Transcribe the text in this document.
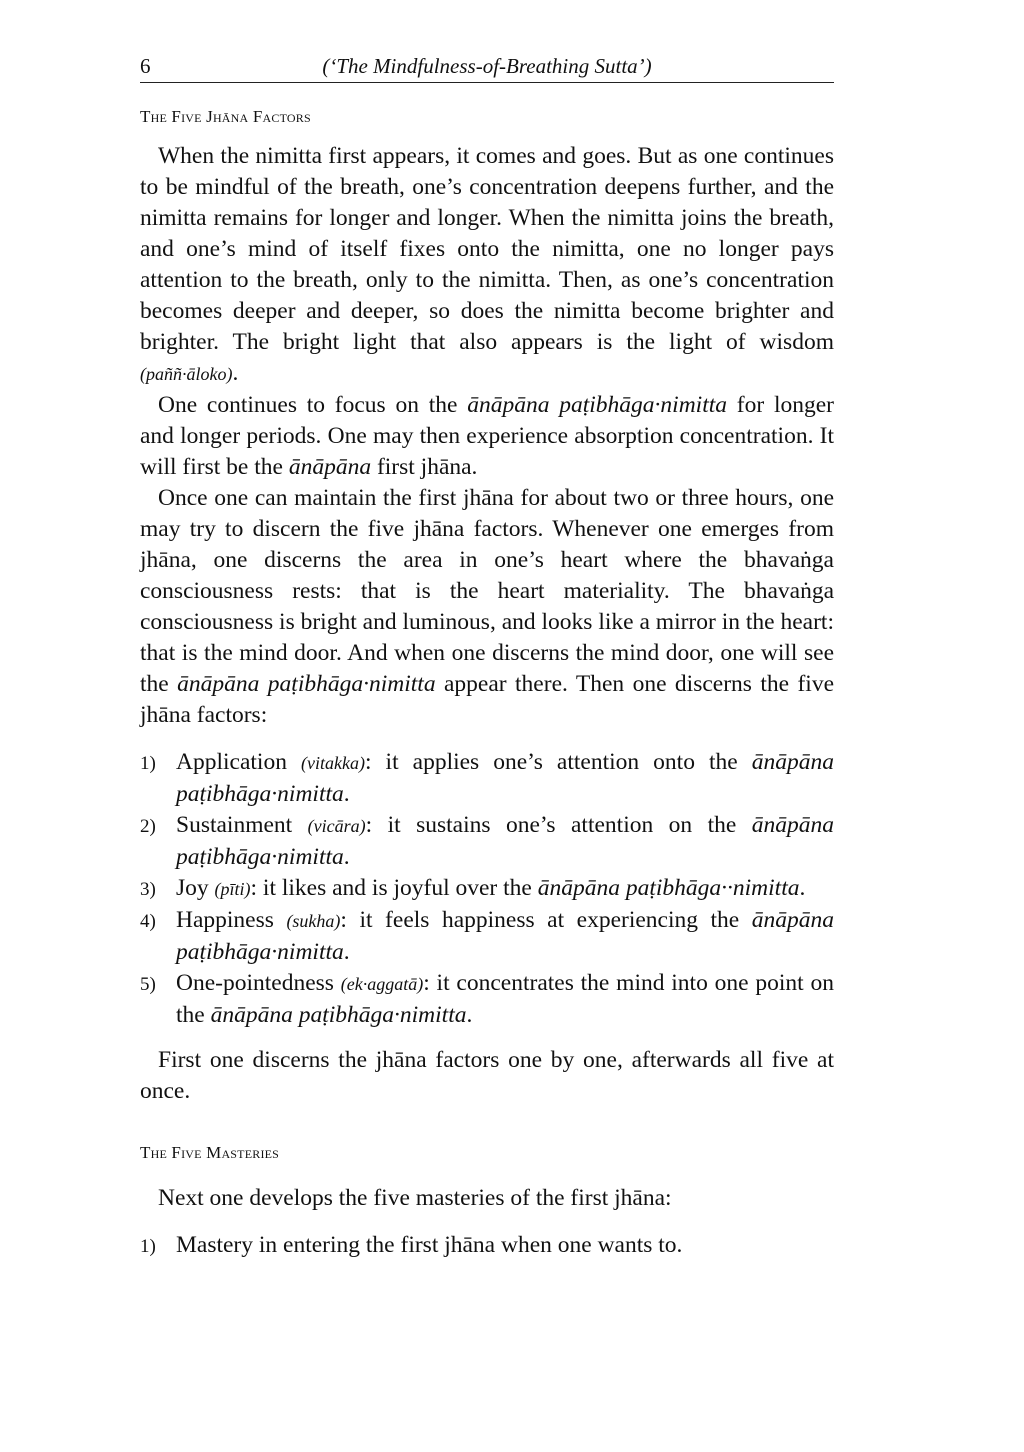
6	(‘The Mindfulness-of-Breathing Sutta’)
The Five Jhāna Factors

When the nimitta first appears, it comes and goes. But as one continues to be mindful of the breath, one’s concentration deepens further, and the nimitta remains for longer and longer. When the nimitta joins the breath, and one’s mind of itself fixes onto the nimitta, one no longer pays attention to the breath, only to the nimitta. Then, as one’s concentration becomes deeper and deeper, so does the nimitta become brighter and brighter. The bright light that also appears is the light of wisdom (paññ·āloko).

One continues to focus on the ānāpāna paṭibhāga·nimitta for longer and longer periods. One may then experience absorption concentration. It will first be the ānāpāna first jhāna.

Once one can maintain the first jhāna for about two or three hours, one may try to discern the five jhāna factors. Whenever one emerges from jhāna, one discerns the area in one’s heart where the bhavaṅga consciousness rests: that is the heart materiality. The bhavaṅga consciousness is bright and luminous, and looks like a mirror in the heart: that is the mind door. And when one discerns the mind door, one will see the ānāpāna paṭibhāga·nimitta appear there. Then one discerns the five jhāna factors:

1) Application (vitakka): it applies one’s attention onto the ānāpāna paṭibhāga·nimitta.
2) Sustainment (vicāra): it sustains one’s attention on the ānāpāna paṭibhāga·nimitta.
3) Joy (pīti): it likes and is joyful over the ānāpāna paṭibhāga··nimitta.
4) Happiness (sukha): it feels happiness at experiencing the ānāpāna paṭibhāga·nimitta.
5) One-pointedness (ek·aggatā): it concentrates the mind into one point on the ānāpāna paṭibhāga·nimitta.

First one discerns the jhāna factors one by one, afterwards all five at once.

The Five Masteries

Next one develops the five masteries of the first jhāna:

1) Mastery in entering the first jhāna when one wants to.
